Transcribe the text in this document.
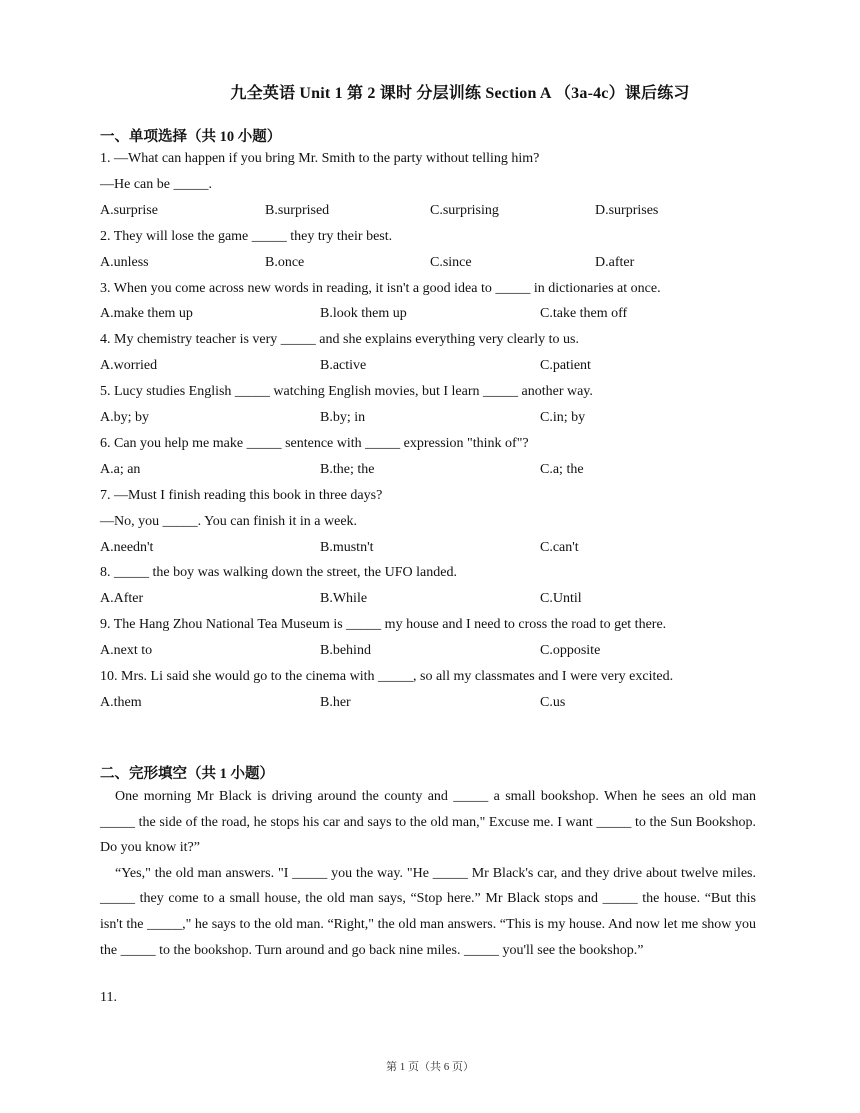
九全英语 Unit 1 第 2 课时 分层训练 Section A （3a-4c）课后练习
一、单项选择（共 10 小题）
1. —What can happen if you bring Mr. Smith to the party without telling him?
—He can be _____.
A.surprise	B.surprised	C.surprising	D.surprises
2. They will lose the game _____ they try their best.
A.unless	B.once	C.since	D.after
3. When you come across new words in reading, it isn't a good idea to _____ in dictionaries at once.
A.make them up	B.look them up	C.take them off
4. My chemistry teacher is very _____ and she explains everything very clearly to us.
A.worried	B.active	C.patient
5. Lucy studies English _____ watching English movies, but I learn _____ another way.
A.by; by	B.by; in	C.in; by
6. Can you help me make _____ sentence with _____ expression "think of"?
A.a; an	B.the; the	C.a; the
7. —Must I finish reading this book in three days?
—No, you _____. You can finish it in a week.
A.needn't	B.mustn't	C.can't
8. _____ the boy was walking down the street, the UFO landed.
A.After	B.While	C.Until
9. The Hang Zhou National Tea Museum is _____ my house and I need to cross the road to get there.
A.next to	B.behind	C.opposite
10. Mrs. Li said she would go to the cinema with _____, so all my classmates and I were very excited.
A.them	B.her	C.us
二、完形填空（共 1 小题）

One morning Mr Black is driving around the county and _____ a small bookshop. When he sees an old man _____ the side of the road, he stops his car and says to the old man," Excuse me. I want _____ to the Sun Bookshop. Do you know it?”

“Yes," the old man answers. "I _____ you the way. "He _____ Mr Black's car, and they drive about twelve miles. _____ they come to a small house, the old man says, “Stop here.” Mr Black stops and _____ the house. “But this isn't the _____," he says to the old man. “Right," the old man answers. “This is my house. And now let me show you the _____ to the bookshop. Turn around and go back nine miles. _____ you'll see the bookshop.”

11.
第 1 页（共 6 页）
